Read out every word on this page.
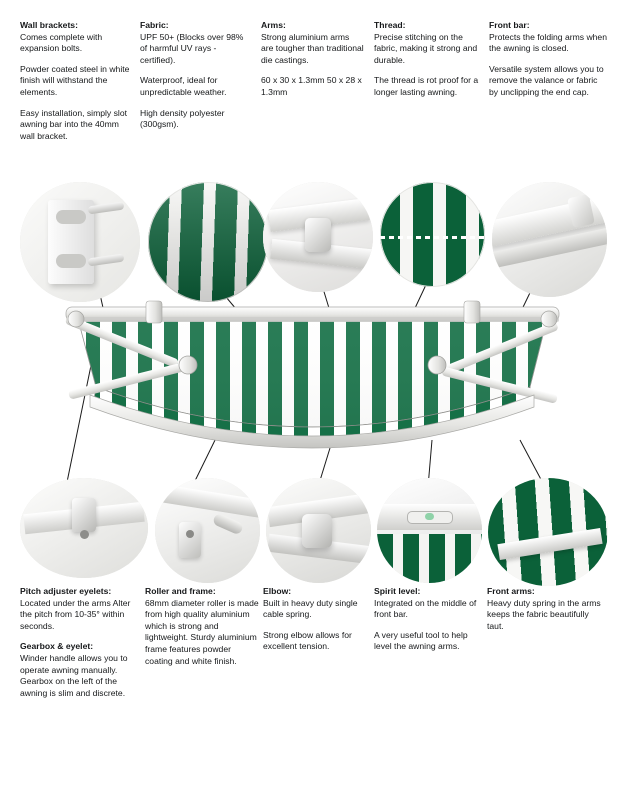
Wall brackets:
Comes complete with expansion bolts.

Powder coated steel in white finish will withstand the elements.

Easy installation, simply slot awning bar into the 40mm wall bracket.

Fabric:
UPF 50+ (Blocks over 98% of harmful UV rays - certified).

Waterproof, ideal for unpredictable weather.

High density polyester (300gsm).

Arms:
Strong aluminium arms are tougher than traditional die castings.

60 x 30 x 1.3mm 50 x 28 x 1.3mm

Thread:
Precise stitching on the fabric, making it strong and durable.

The thread is rot proof for a longer lasting awning.

Front bar:
Protects the folding arms when the awning is closed.

Versatile system allows you to remove the valance or fabric by unclipping the end cap.

Pitch adjuster eyelets:
Located under the arms Alter the pitch from 10-35° within seconds.

Gearbox & eyelet:
Winder handle allows you to operate awning manually. Gearbox on the left of the awning is slim and discrete.

Roller and frame:
68mm diameter roller is made from high quality aluminium which is strong and lightweight. Sturdy aluminium frame features powder coating and white finish.

Elbow:
Built in heavy duty single cable spring.

Strong elbow allows for excellent tension.

Spirit level:
Integrated on the middle of front bar.

A very useful tool to help level the awning arms.

Front arms:
Heavy duty spring in the arms keeps the fabric beautifully taut.
